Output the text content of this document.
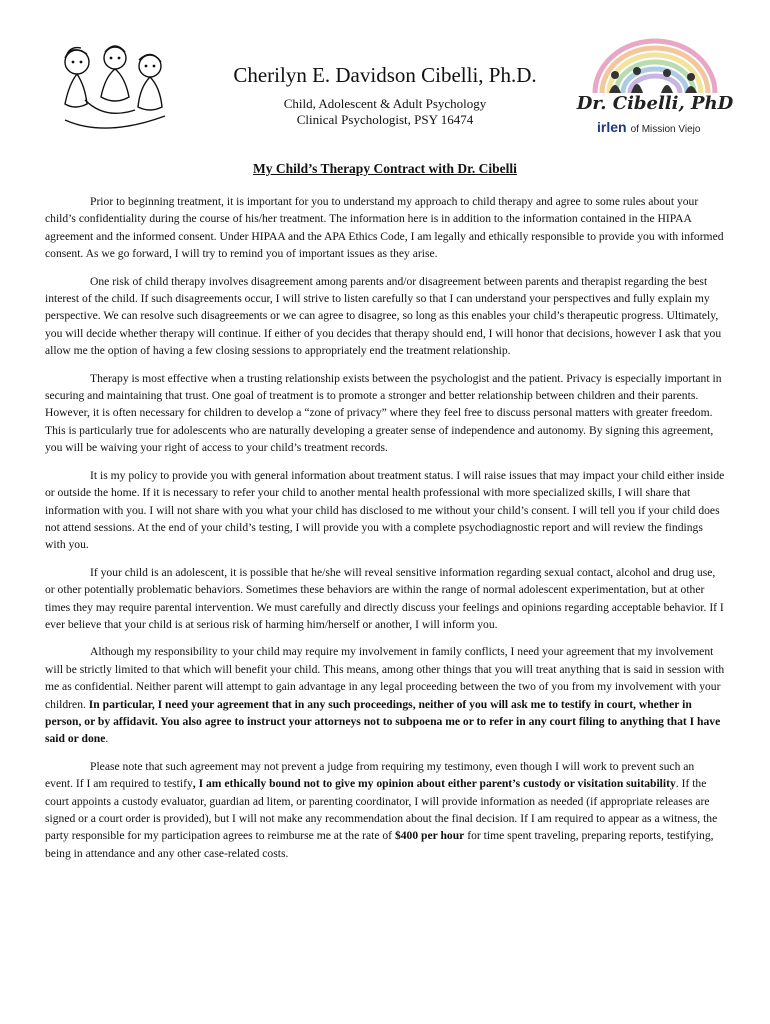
Dr. Cibelli, PhD
irlen of Mission Viejo
Cherilyn E. Davidson Cibelli, Ph.D.
Child, Adolescent & Adult Psychology
Clinical Psychologist, PSY 16474
My Child’s Therapy Contract with Dr. Cibelli

Prior to beginning treatment, it is important for you to understand my approach to child therapy and agree to some rules about your child’s confidentiality during the course of his/her treatment. The information here is in addition to the information contained in the HIPAA agreement and the informed consent. Under HIPAA and the APA Ethics Code, I am legally and ethically responsible to provide you with informed consent. As we go forward, I will try to remind you of important issues as they arise.

One risk of child therapy involves disagreement among parents and/or disagreement between parents and therapist regarding the best interest of the child. If such disagreements occur, I will strive to listen carefully so that I can understand your perspectives and fully explain my perspective. We can resolve such disagreements or we can agree to disagree, so long as this enables your child’s therapeutic progress. Ultimately, you will decide whether therapy will continue. If either of you decides that therapy should end, I will honor that decisions, however I ask that you allow me the option of having a few closing sessions to appropriately end the treatment relationship.

Therapy is most effective when a trusting relationship exists between the psychologist and the patient. Privacy is especially important in securing and maintaining that trust. One goal of treatment is to promote a stronger and better relationship between children and their parents. However, it is often necessary for children to develop a “zone of privacy” where they feel free to discuss personal matters with greater freedom. This is particularly true for adolescents who are naturally developing a greater sense of independence and autonomy. By signing this agreement, you will be waiving your right of access to your child’s treatment records.

It is my policy to provide you with general information about treatment status. I will raise issues that may impact your child either inside or outside the home. If it is necessary to refer your child to another mental health professional with more specialized skills, I will share that information with you. I will not share with you what your child has disclosed to me without your child’s consent. I will tell you if your child does not attend sessions. At the end of your child’s testing, I will provide you with a complete psychodiagnostic report and will review the findings with you.

If your child is an adolescent, it is possible that he/she will reveal sensitive information regarding sexual contact, alcohol and drug use, or other potentially problematic behaviors. Sometimes these behaviors are within the range of normal adolescent experimentation, but at other times they may require parental intervention. We must carefully and directly discuss your feelings and opinions regarding acceptable behavior. If I ever believe that your child is at serious risk of harming him/herself or another, I will inform you.

Although my responsibility to your child may require my involvement in family conflicts, I need your agreement that my involvement will be strictly limited to that which will benefit your child. This means, among other things that you will treat anything that is said in session with me as confidential. Neither parent will attempt to gain advantage in any legal proceeding between the two of you from my involvement with your children. In particular, I need your agreement that in any such proceedings, neither of you will ask me to testify in court, whether in person, or by affidavit. You also agree to instruct your attorneys not to subpoena me or to refer in any court filing to anything that I have said or done.

Please note that such agreement may not prevent a judge from requiring my testimony, even though I will work to prevent such an event. If I am required to testify, I am ethically bound not to give my opinion about either parent’s custody or visitation suitability. If the court appoints a custody evaluator, guardian ad litem, or parenting coordinator, I will provide information as needed (if appropriate releases are signed or a court order is provided), but I will not make any recommendation about the final decision. If I am required to appear as a witness, the party responsible for my participation agrees to reimburse me at the rate of $400 per hour for time spent traveling, preparing reports, testifying, being in attendance and any other case-related costs.
